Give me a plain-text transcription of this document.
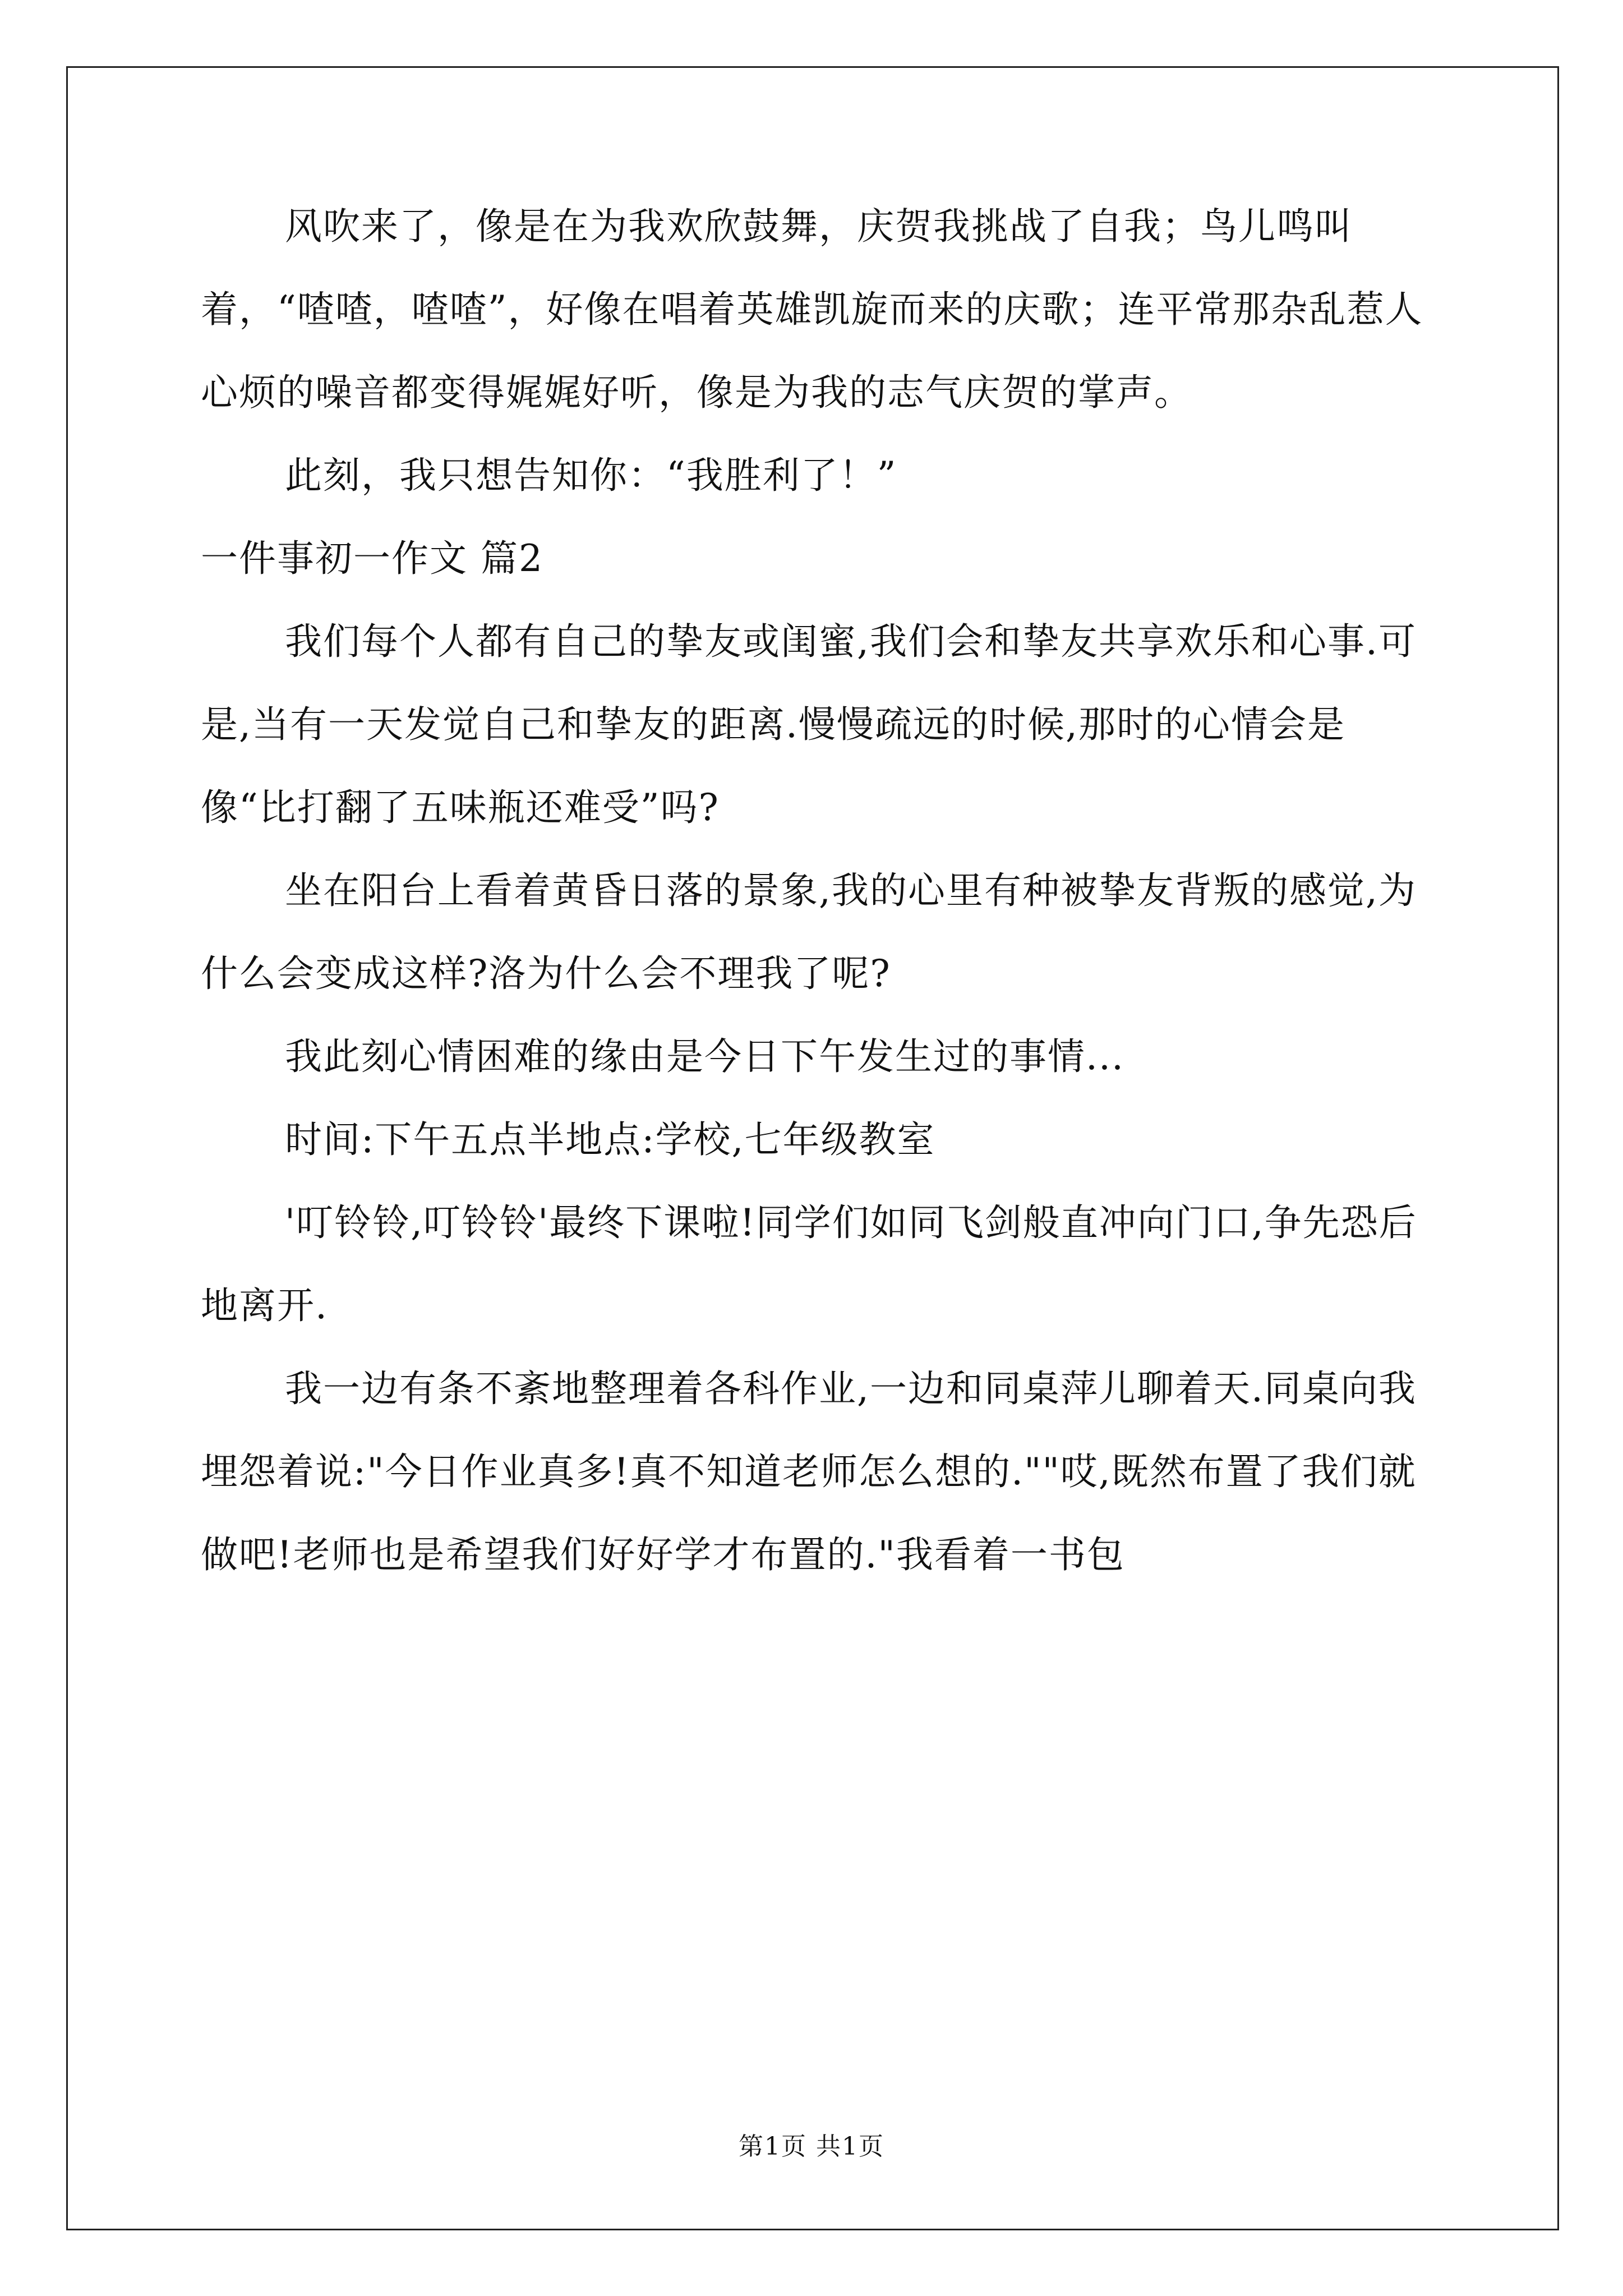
风吹来了，像是在为我欢欣鼓舞，庆贺我挑战了自我；鸟儿鸣叫着，“喳喳，喳喳”，好像在唱着英雄凯旋而来的庆歌；连平常那杂乱惹人心烦的噪音都变得娓娓好听，像是为我的志气庆贺的掌声。

此刻，我只想告知你：“我胜利了！”

一件事初一作文 篇2

我们每个人都有自己的挚友或闺蜜,我们会和挚友共享欢乐和心事.可是,当有一天发觉自己和挚友的距离.慢慢疏远的时候,那时的心情会是像“比打翻了五味瓶还难受”吗?

坐在阳台上看着黄昏日落的景象,我的心里有种被挚友背叛的感觉,为什么会变成这样?洛为什么会不理我了呢?

我此刻心情困难的缘由是今日下午发生过的事情...

时间:下午五点半地点:学校,七年级教室

'叮铃铃,叮铃铃'最终下课啦!同学们如同飞剑般直冲向门口,争先恐后地离开.

我一边有条不紊地整理着各科作业,一边和同桌萍儿聊着天.同桌向我埋怨着说:"今日作业真多!真不知道老师怎么想的.""哎,既然布置了我们就做吧!老师也是希望我们好好学才布置的."我看着一书包

第1页 共1页
